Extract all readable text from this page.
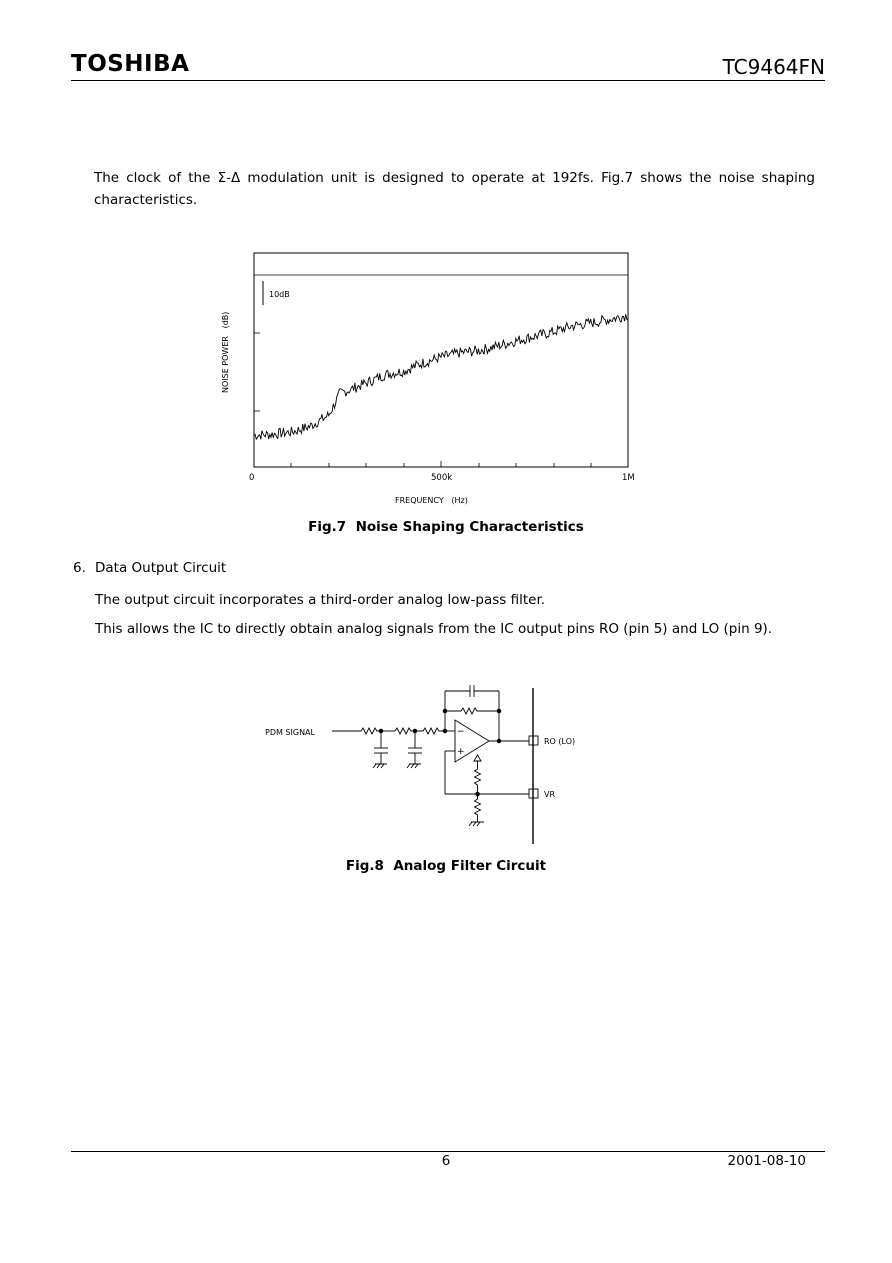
TOSHIBA	TC9464FN
The clock of the Σ-Δ modulation unit is designed to operate at 192fs. Fig.7 shows the noise shaping characteristics.
10dB
0	500k	1M
FREQUENCY   (Hz)
NOISE POWER   (dB)
Fig.7  Noise Shaping Characteristics
6. Data Output Circuit
The output circuit incorporates a third-order analog low-pass filter.
This allows the IC to directly obtain analog signals from the IC output pins RO (pin 5) and LO (pin 9).
PDM SIGNAL	−
+
RO (LO)
VR
Fig.8  Analog Filter Circuit
6	2001-08-10
